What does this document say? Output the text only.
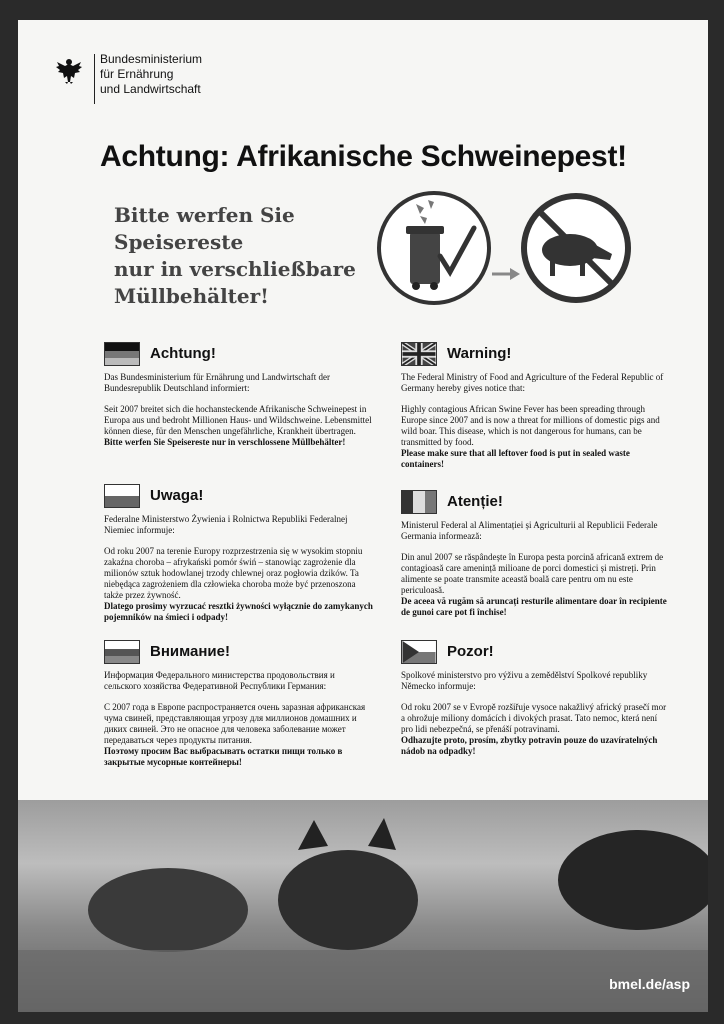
Bundesministerium
für Ernährung
und Landwirtschaft
Achtung: Afrikanische Schweinepest!
Bitte werfen Sie
Speisereste
nur in verschließbare
Müllbehälter!
Achtung!

Das Bundesministerium für Ernährung und Landwirtschaft der Bundesrepublik Deutschland informiert:

Seit 2007 breitet sich die hochansteckende Afrikanische Schweinepest in Europa aus und bedroht Millionen Haus- und Wildschweine. Lebensmittel können diese, für den Menschen ungefährliche, Krankheit übertragen.

Bitte werfen Sie Speisereste nur in verschlossene Müllbehälter!

Warning!

The Federal Ministry of Food and Agriculture of the Federal Republic of Germany hereby gives notice that:

Highly contagious African Swine Fever has been spreading through Europe since 2007 and is now a threat for millions of domestic pigs and wild boar. This disease, which is not dangerous for humans, can be transmitted by food.

Please make sure that all leftover food is put in sealed waste containers!

Uwaga!

Federalne Ministerstwo Żywienia i Rolnictwa Republiki Federalnej Niemiec informuje:

Od roku 2007 na terenie Europy rozprzestrzenia się w wysokim stopniu zakaźna choroba – afrykański pomór świń – stanowiąc zagrożenie dla milionów sztuk hodowlanej trzody chlewnej oraz pogłowia dzików. Ta niebędąca zagrożeniem dla człowieka choroba może być przenoszona także przez żywność.

Dlatego prosimy wyrzucać resztki żywności wyłącznie do zamykanych pojemników na śmieci i odpady!

Atenție!

Ministerul Federal al Alimentației și Agriculturii al Republicii Federale Germania informează:

Din anul 2007 se răspândește în Europa pesta porcină africană extrem de contagioasă care amenință milioane de porci domestici și mistreți. Prin alimente se poate transmite această boală care pentru om nu este periculoasă.

De aceea vă rugăm să aruncați resturile alimentare doar în recipiente de gunoi care pot fi închise!

Внимание!

Информация Федерального министерства продовольствия и сельского хозяйства Федеративной Республики Германия:

С 2007 года в Европе распространяется очень заразная африканская чума свиней, представляющая угрозу для миллионов домашних и диких свиней. Это не опасное для человека заболевание может передаваться через продукты питания.

Поэтому просим Вас выбрасывать остатки пищи только в закрытые мусорные контейнеры!

Pozor!

Spolkové ministerstvo pro výživu a zemědělství Spolkové republiky Německo informuje:

Od roku 2007 se v Evropě rozšiřuje vysoce nakažlivý africký prasečí mor a ohrožuje miliony domácích i divokých prasat. Tato nemoc, která není pro lidi nebezpečná, se přenáší potravinami.

Odhazujte proto, prosím, zbytky potravin pouze do uzavíratelných nádob na odpadky!

bmel.de/asp
